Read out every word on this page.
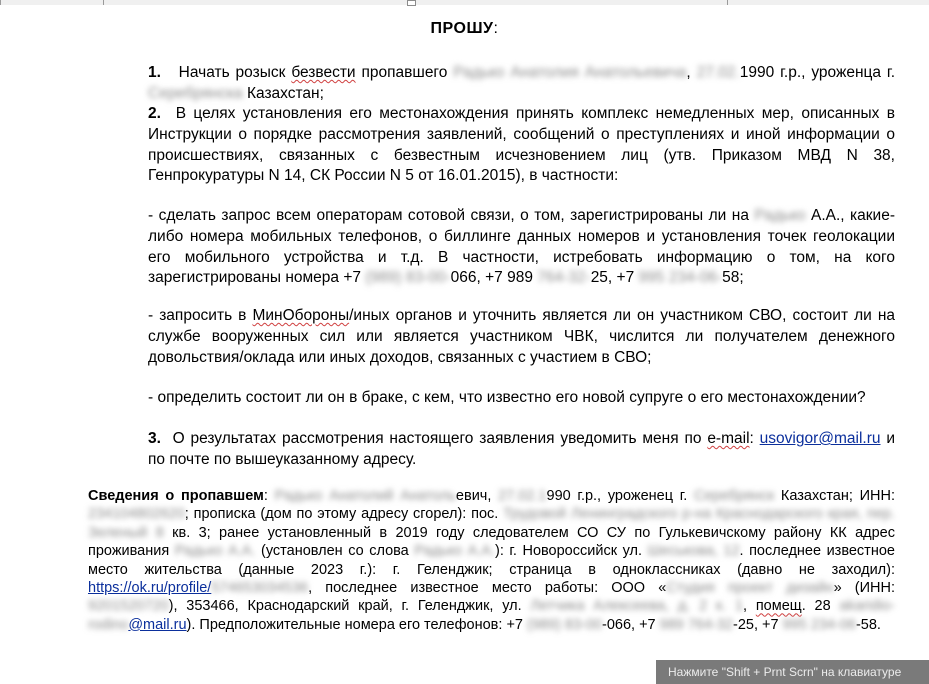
ПРОШУ:

1. Начать розыск безвести пропавшего Радько Анатолия Анатольевича, 27.02.1990 г.р., уроженца г. Серебрянска Казахстан;

2. В целях установления его местонахождения принять комплекс немедленных мер, описанных в Инструкции о порядке рассмотрения заявлений, сообщений о преступлениях и иной информации о происшествиях, связанных с безвестным исчезновением лиц (утв. Приказом МВД N 38, Генпрокуратуры N 14, СК России N 5 от 16.01.2015), в частности:

- сделать запрос всем операторам сотовой связи, о том, зарегистрированы ли на Радько А.А., какие-либо номера мобильных телефонов, о биллинге данных номеров и установления точек геолокации его мобильного устройства и т.д. В частности, истребовать информацию о том, на кого зарегистрированы номера +7 (989) 83-00-066, +7 989 764-32-25, +7 995 234-06-58;

- запросить в МинОбороны/иных органов и уточнить является ли он участником СВО, состоит ли на службе вооруженных сил или является участником ЧВК, числится ли получателем денежного довольствия/оклада или иных доходов, связанных с участием в СВО;

- определить состоит ли он в браке, с кем, что известно его новой супруге о его местонахождении?

3. О результатах рассмотрения настоящего заявления уведомить меня по e-mail: usovigor@mail.ru и по почте по вышеуказанному адресу.

Сведения о пропавшем: Радько Анатолий Анатольевич, 27.02.1990 г.р., уроженец г. Серебрянск Казахстан; ИНН: 234104802620; прописка (дом по этому адресу сгорел): пос. Трудовой Ленинградского р-на Краснодарского края, пер. Зеленый 8 кв. 3; ранее установленный в 2019 году следователем СО СУ по Гулькевичскому району КК адрес проживания Радько А.А. (установлен со слова Радько А.А.): г. Новороссийск ул. Шеськова, 12. последнее известное место жительства (данные 2023 г.): г. Геленджик; страница в одноклассниках (давно не заходил): https://ok.ru/profile/574653034536, последнее известное место работы: ООО «Студия проект дизайн» (ИНН: 9201520720), 353466, Краснодарский край, г. Геленджик, ул. Летчика Алексеева, д. 2 к. 1, помещ. 28 akaridio-rodino@mail.ru). Предположительные номера его телефонов: +7 (989) 83-00-066, +7 989 764-32-25, +7 995 234-06-58.

Нажмите "Shift + Prnt Scrn" на клавиатуре
